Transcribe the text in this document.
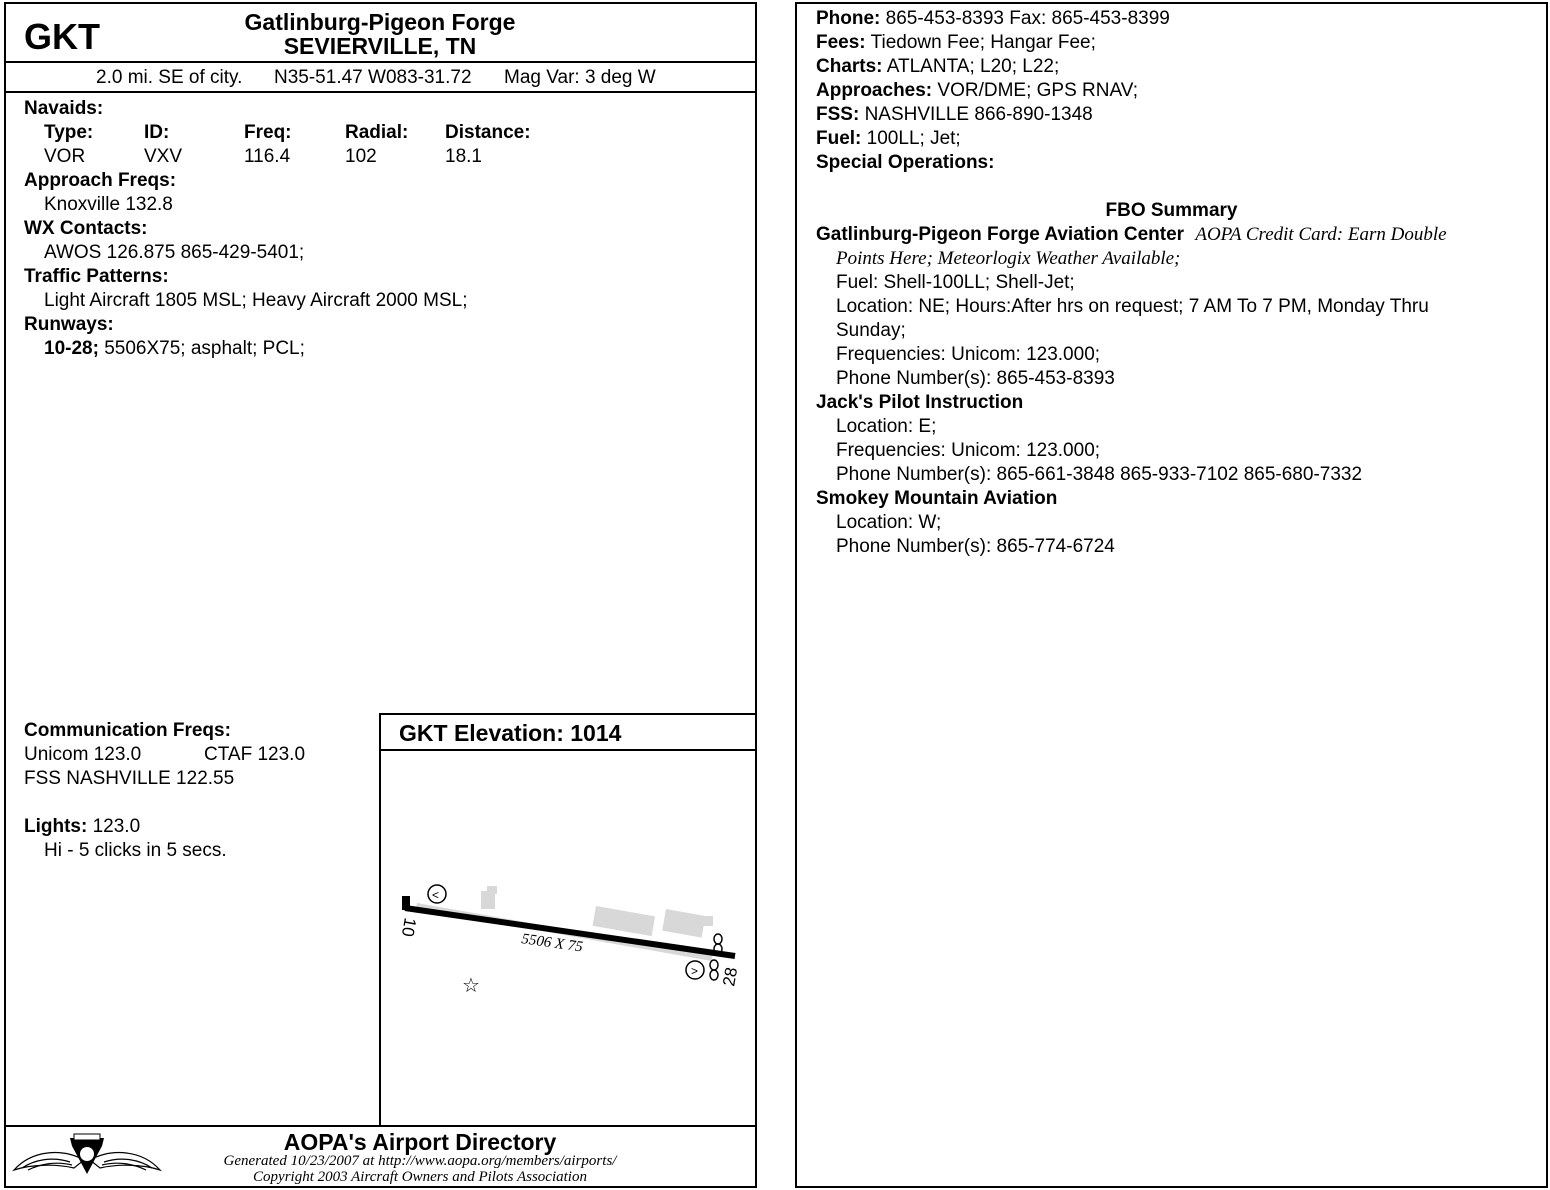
GKT	Gatlinburg-Pigeon Forge
SEVIERVILLE, TN
2.0 mi. SE of city. N35-51.47 W083-31.72 Mag Var: 3 deg W
Navaids:
Type:	ID:	Freq:	Radial: Distance:
VOR	VXV	116.4	102	18.1
Approach Freqs:
Knoxville 132.8
WX Contacts:
AWOS 126.875 865-429-5401;
Traffic Patterns:
Light Aircraft 1805 MSL; Heavy Aircraft 2000 MSL;
Runways:
10-28; 5506X75; asphalt; PCL;
Communication Freqs:
Unicom 123.0	CTAF 123.0
FSS NASHVILLE 122.55
Lights: 123.0
Hi - 5 clicks in 5 secs.
GKT Elevation: 1014
<
>
10
28
5506 X 75
☆
AOPA's Airport Directory
Generated 10/23/2007 at http://www.aopa.org/members/airports/
Copyright 2003 Aircraft Owners and Pilots Association
Phone: 865-453-8393 Fax: 865-453-8399
Fees: Tiedown Fee; Hangar Fee;
Charts: ATLANTA; L20; L22;
Approaches: VOR/DME; GPS RNAV;
FSS: NASHVILLE 866-890-1348
Fuel: 100LL; Jet;
Special Operations:
FBO Summary
Gatlinburg-Pigeon Forge Aviation Center AOPA Credit Card: Earn Double
Points Here; Meteorlogix Weather Available;
Fuel: Shell-100LL; Shell-Jet;
Location: NE; Hours:After hrs on request; 7 AM To 7 PM, Monday Thru
Sunday;
Frequencies: Unicom: 123.000;
Phone Number(s): 865-453-8393
Jack's Pilot Instruction
Location: E;
Frequencies: Unicom: 123.000;
Phone Number(s): 865-661-3848 865-933-7102 865-680-7332
Smokey Mountain Aviation
Location: W;
Phone Number(s): 865-774-6724
